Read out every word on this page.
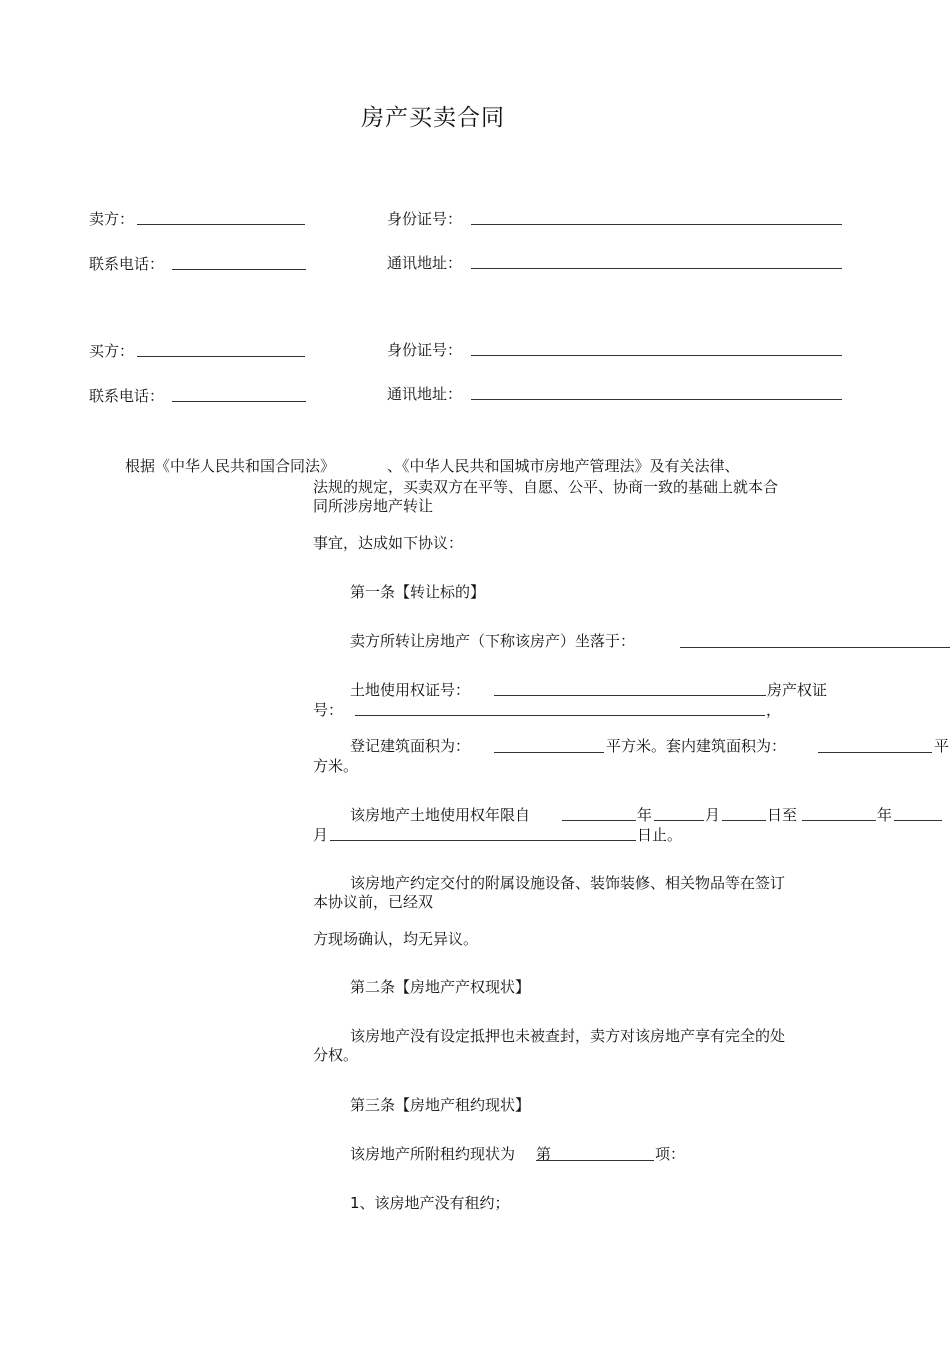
房产买卖合同
卖方：	身份证号：
联系电话：	通讯地址：
买方：	身份证号：
联系电话：	通讯地址：
根据《中华人民共和国合同法》	、《中华人民共和国城市房地产管理法》及有关法律、
法规的规定，买卖双方在平等、自愿、公平、协商一致的基础上就本合
同所涉房地产转让
事宜，达成如下协议：
第一条【转让标的】
卖方所转让房地产（下称该房产）坐落于：
土地使用权证号：	房产权证
号：	，
登记建筑面积为：	平方米。套内建筑面积为：	平
方米。
该房地产土地使用权年限自	年	月	日至	年
月	日止。
该房地产约定交付的附属设施设备、装饰装修、相关物品等在签订
本协议前，已经双
方现场确认，均无异议。
第二条【房地产产权现状】
该房地产没有设定抵押也未被查封，卖方对该房地产享有完全的处
分权。
第三条【房地产租约现状】
该房地产所附租约现状为 第	项：
1、该房地产没有租约；
